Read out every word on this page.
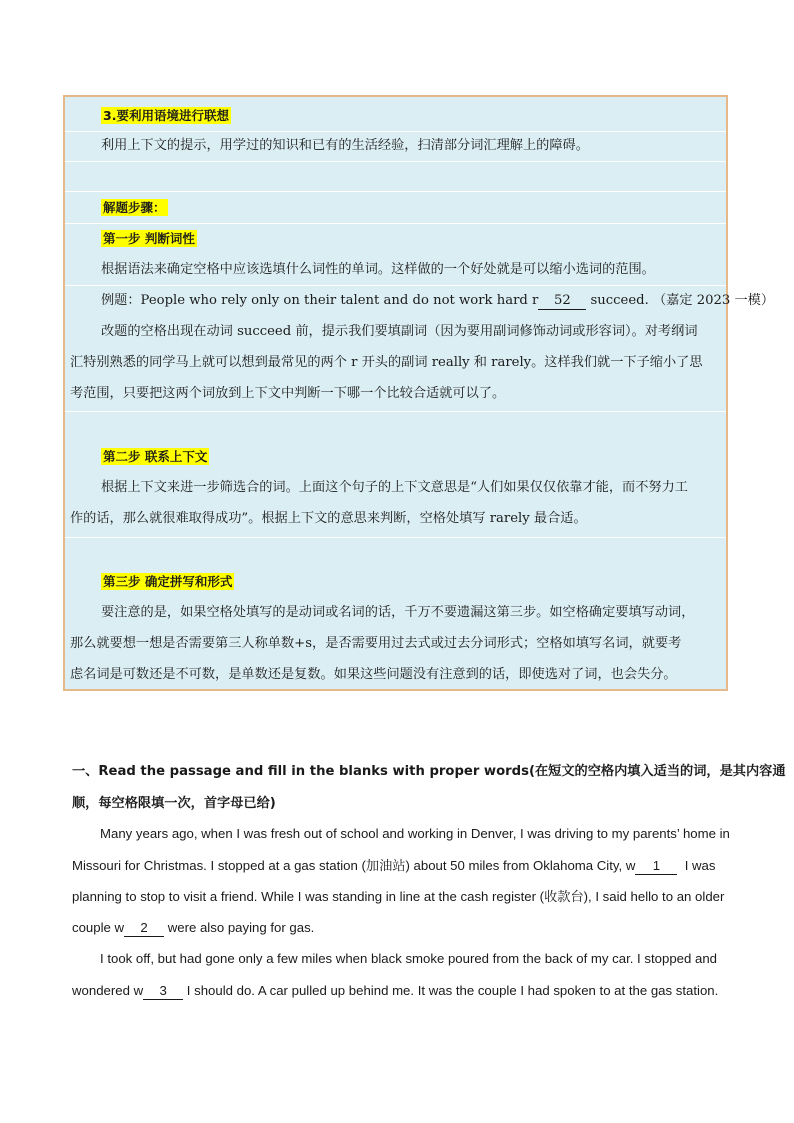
3.要利用语境进行联想
利用上下文的提示，用学过的知识和已有的生活经验，扫清部分词汇理解上的障碍。
解题步骤：
第一步 判断词性
根据语法来确定空格中应该选填什么词性的单词。这样做的一个好处就是可以缩小选词的范围。
例题：People who rely only on their talent and do not work hard r 52 succeed. （嘉定 2023 一模）
改题的空格出现在动词 succeed 前，提示我们要填副词（因为要用副词修饰动词或形容词）。对考纲词
汇特别熟悉的同学马上就可以想到最常见的两个 r 开头的副词 really 和 rarely。这样我们就一下子缩小了思
考范围，只要把这两个词放到上下文中判断一下哪一个比较合适就可以了。
第二步 联系上下文
根据上下文来进一步筛选合的词。上面这个句子的上下文意思是“人们如果仅仅依靠才能，而不努力工
作的话，那么就很难取得成功”。根据上下文的意思来判断，空格处填写 rarely 最合适。
第三步 确定拼写和形式
要注意的是，如果空格处填写的是动词或名词的话，千万不要遗漏这第三步。如空格确定要填写动词，
那么就要想一想是否需要第三人称单数+s，是否需要用过去式或过去分词形式；空格如填写名词，就要考
虑名词是可数还是不可数，是单数还是复数。如果这些问题没有注意到的话，即使选对了词，也会失分。
一、Read the passage and fill in the blanks with proper words(在短文的空格内填入适当的词，是其内容通
顺，每空格限填一次，首字母已给)
Many years ago, when I was fresh out of school and working in Denver, I was driving to my parents’ home in
Missouri for Christmas. I stopped at a gas station (加油站) about 50 miles from Oklahoma City, w 1 I was
planning to stop to visit a friend. While I was standing in line at the cash register (收款台), I said hello to an older
couple w 2 were also paying for gas.
I took off, but had gone only a few miles when black smoke poured from the back of my car. I stopped and
wondered w 3 I should do. A car pulled up behind me. It was the couple I had spoken to at the gas station.
